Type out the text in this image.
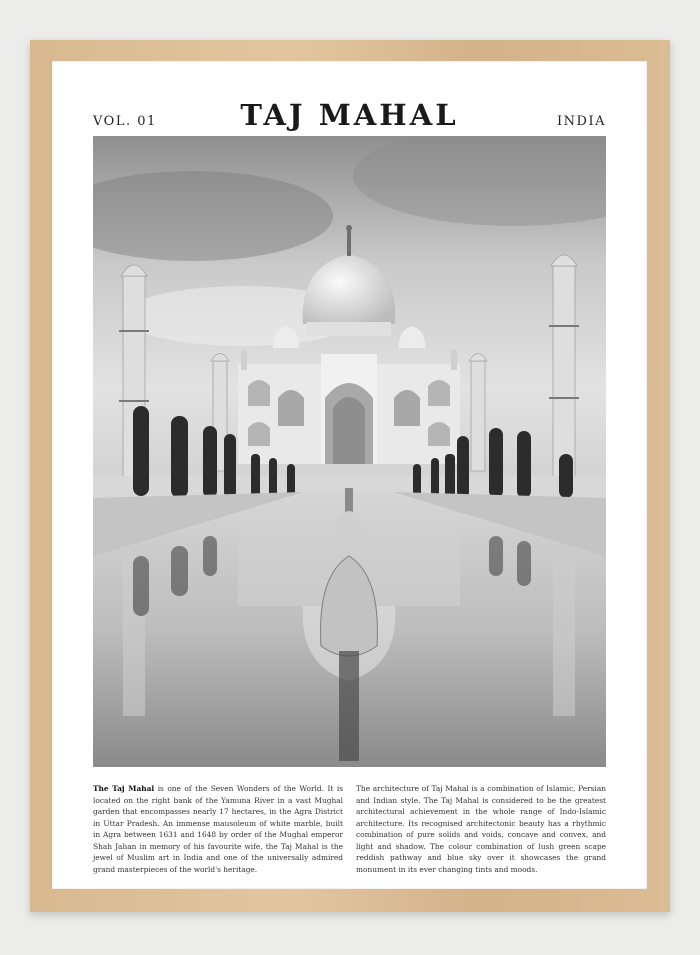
VOL. 01	TAJ MAHAL	INDIA
The Taj Mahal is one of the Seven Wonders of the World. It is located on the right bank of the Yamuna River in a vast Mughal garden that encompasses nearly 17 hectares, in the Agra District in Uttar Pradesh. An immense mausoleum of white marble, built in Agra between 1631 and 1648 by order of the Mughal emperor Shah Jahan in memory of his favourite wife, the Taj Mahal is the jewel of Muslim art in India and one of the universally admired grand masterpieces of the world's heritage.
The architecture of Taj Mahal is a combination of Islamic, Persian and Indian style. The Taj Mahal is considered to be the greatest architectural achievement in the whole range of Indo-Islamic architecture. Its recognised architectonic beauty has a rhythmic combination of pure solids and voids, concave and convex, and light and shadow. The colour combination of lush green scape reddish pathway and blue sky over it showcases the grand monument in its ever changing tints and moods.
